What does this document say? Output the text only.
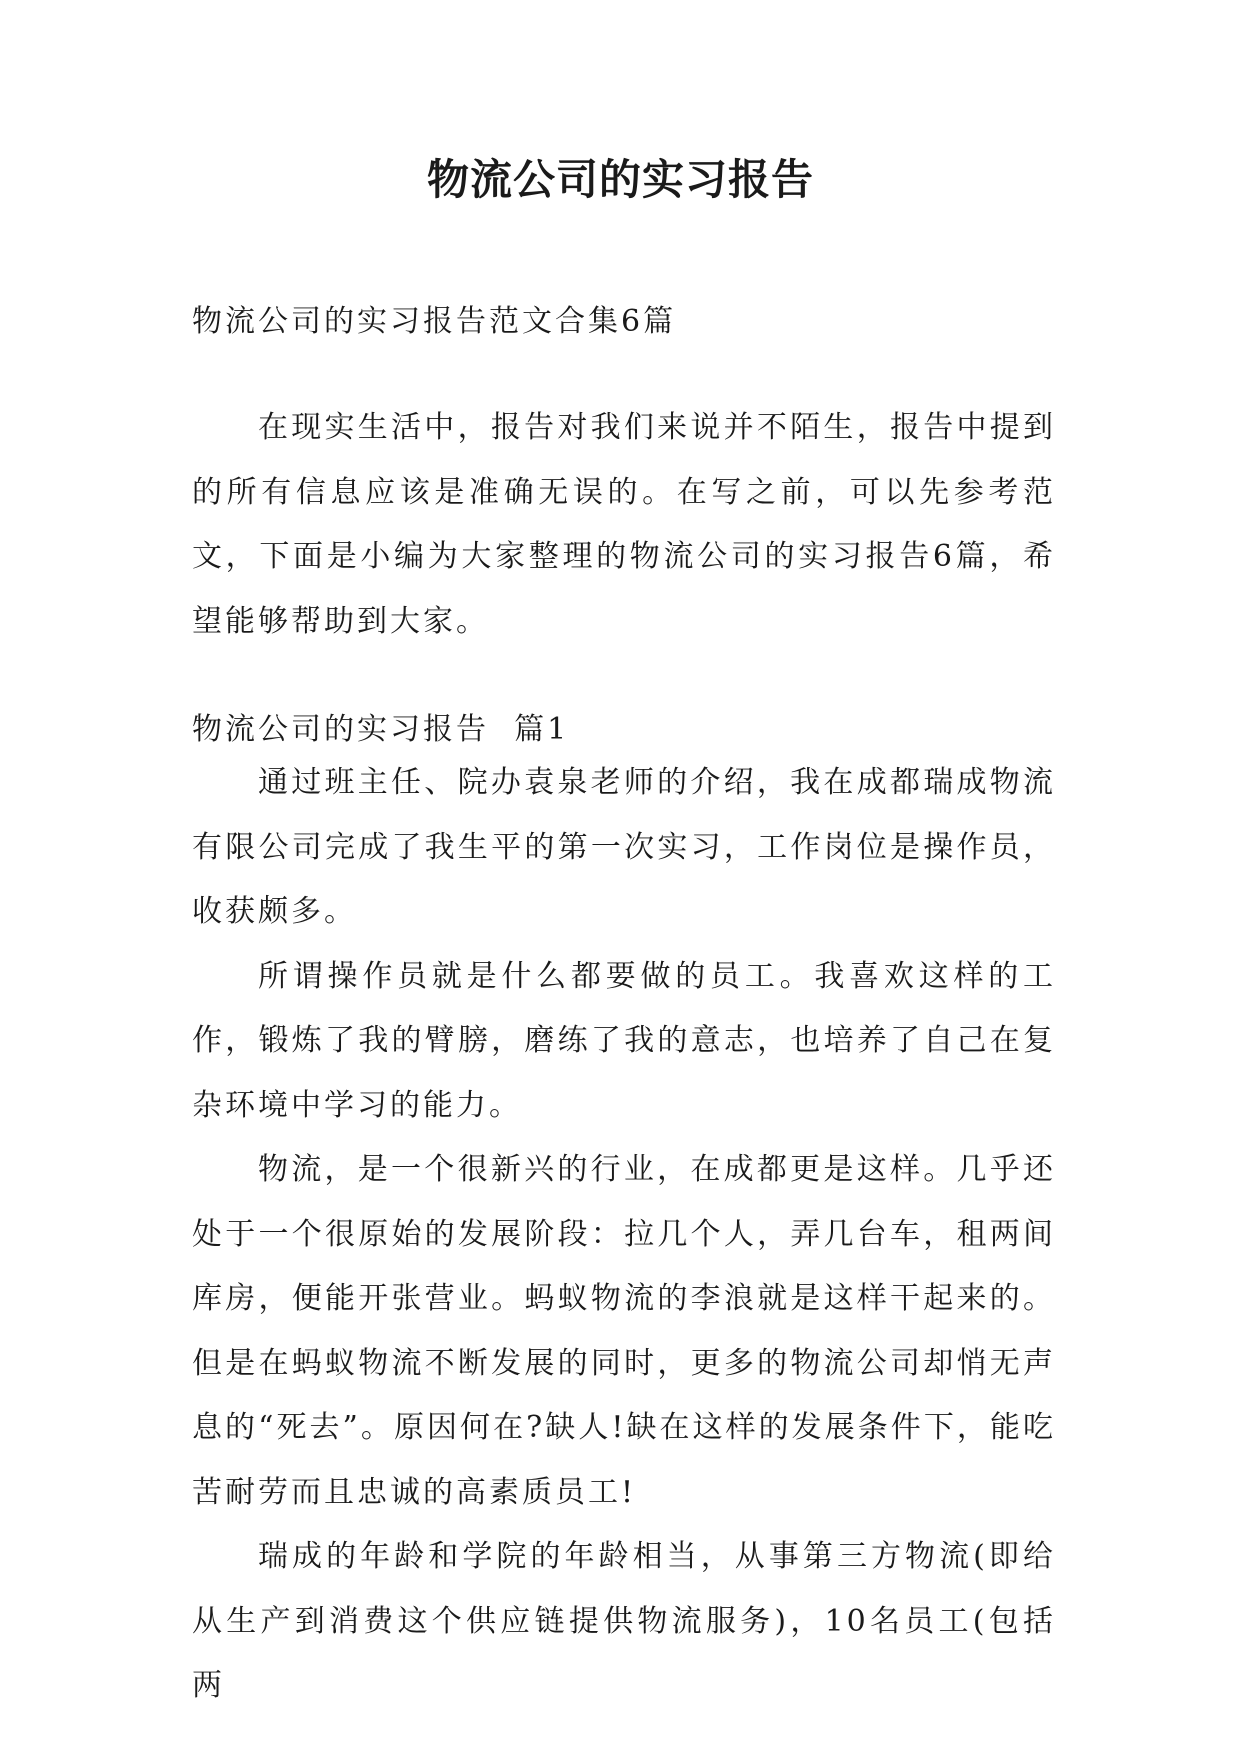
物流公司的实习报告

物流公司的实习报告范文合集6篇

在现实生活中，报告对我们来说并不陌生，报告中提到的所有信息应该是准确无误的。在写之前，可以先参考范文，下面是小编为大家整理的物流公司的实习报告6篇，希望能够帮助到大家。

物流公司的实习报告  篇1

通过班主任、院办袁泉老师的介绍，我在成都瑞成物流有限公司完成了我生平的第一次实习，工作岗位是操作员，收获颇多。

所谓操作员就是什么都要做的员工。我喜欢这样的工作，锻炼了我的臂膀，磨练了我的意志，也培养了自己在复杂环境中学习的能力。

物流，是一个很新兴的行业，在成都更是这样。几乎还处于一个很原始的发展阶段：拉几个人，弄几台车，租两间库房，便能开张营业。蚂蚁物流的李浪就是这样干起来的。但是在蚂蚁物流不断发展的同时，更多的物流公司却悄无声息的“死去”。原因何在?缺人!缺在这样的发展条件下，能吃苦耐劳而且忠诚的高素质员工!

瑞成的年龄和学院的年龄相当，从事第三方物流(即给从生产到消费这个供应链提供物流服务)，10名员工(包括两
